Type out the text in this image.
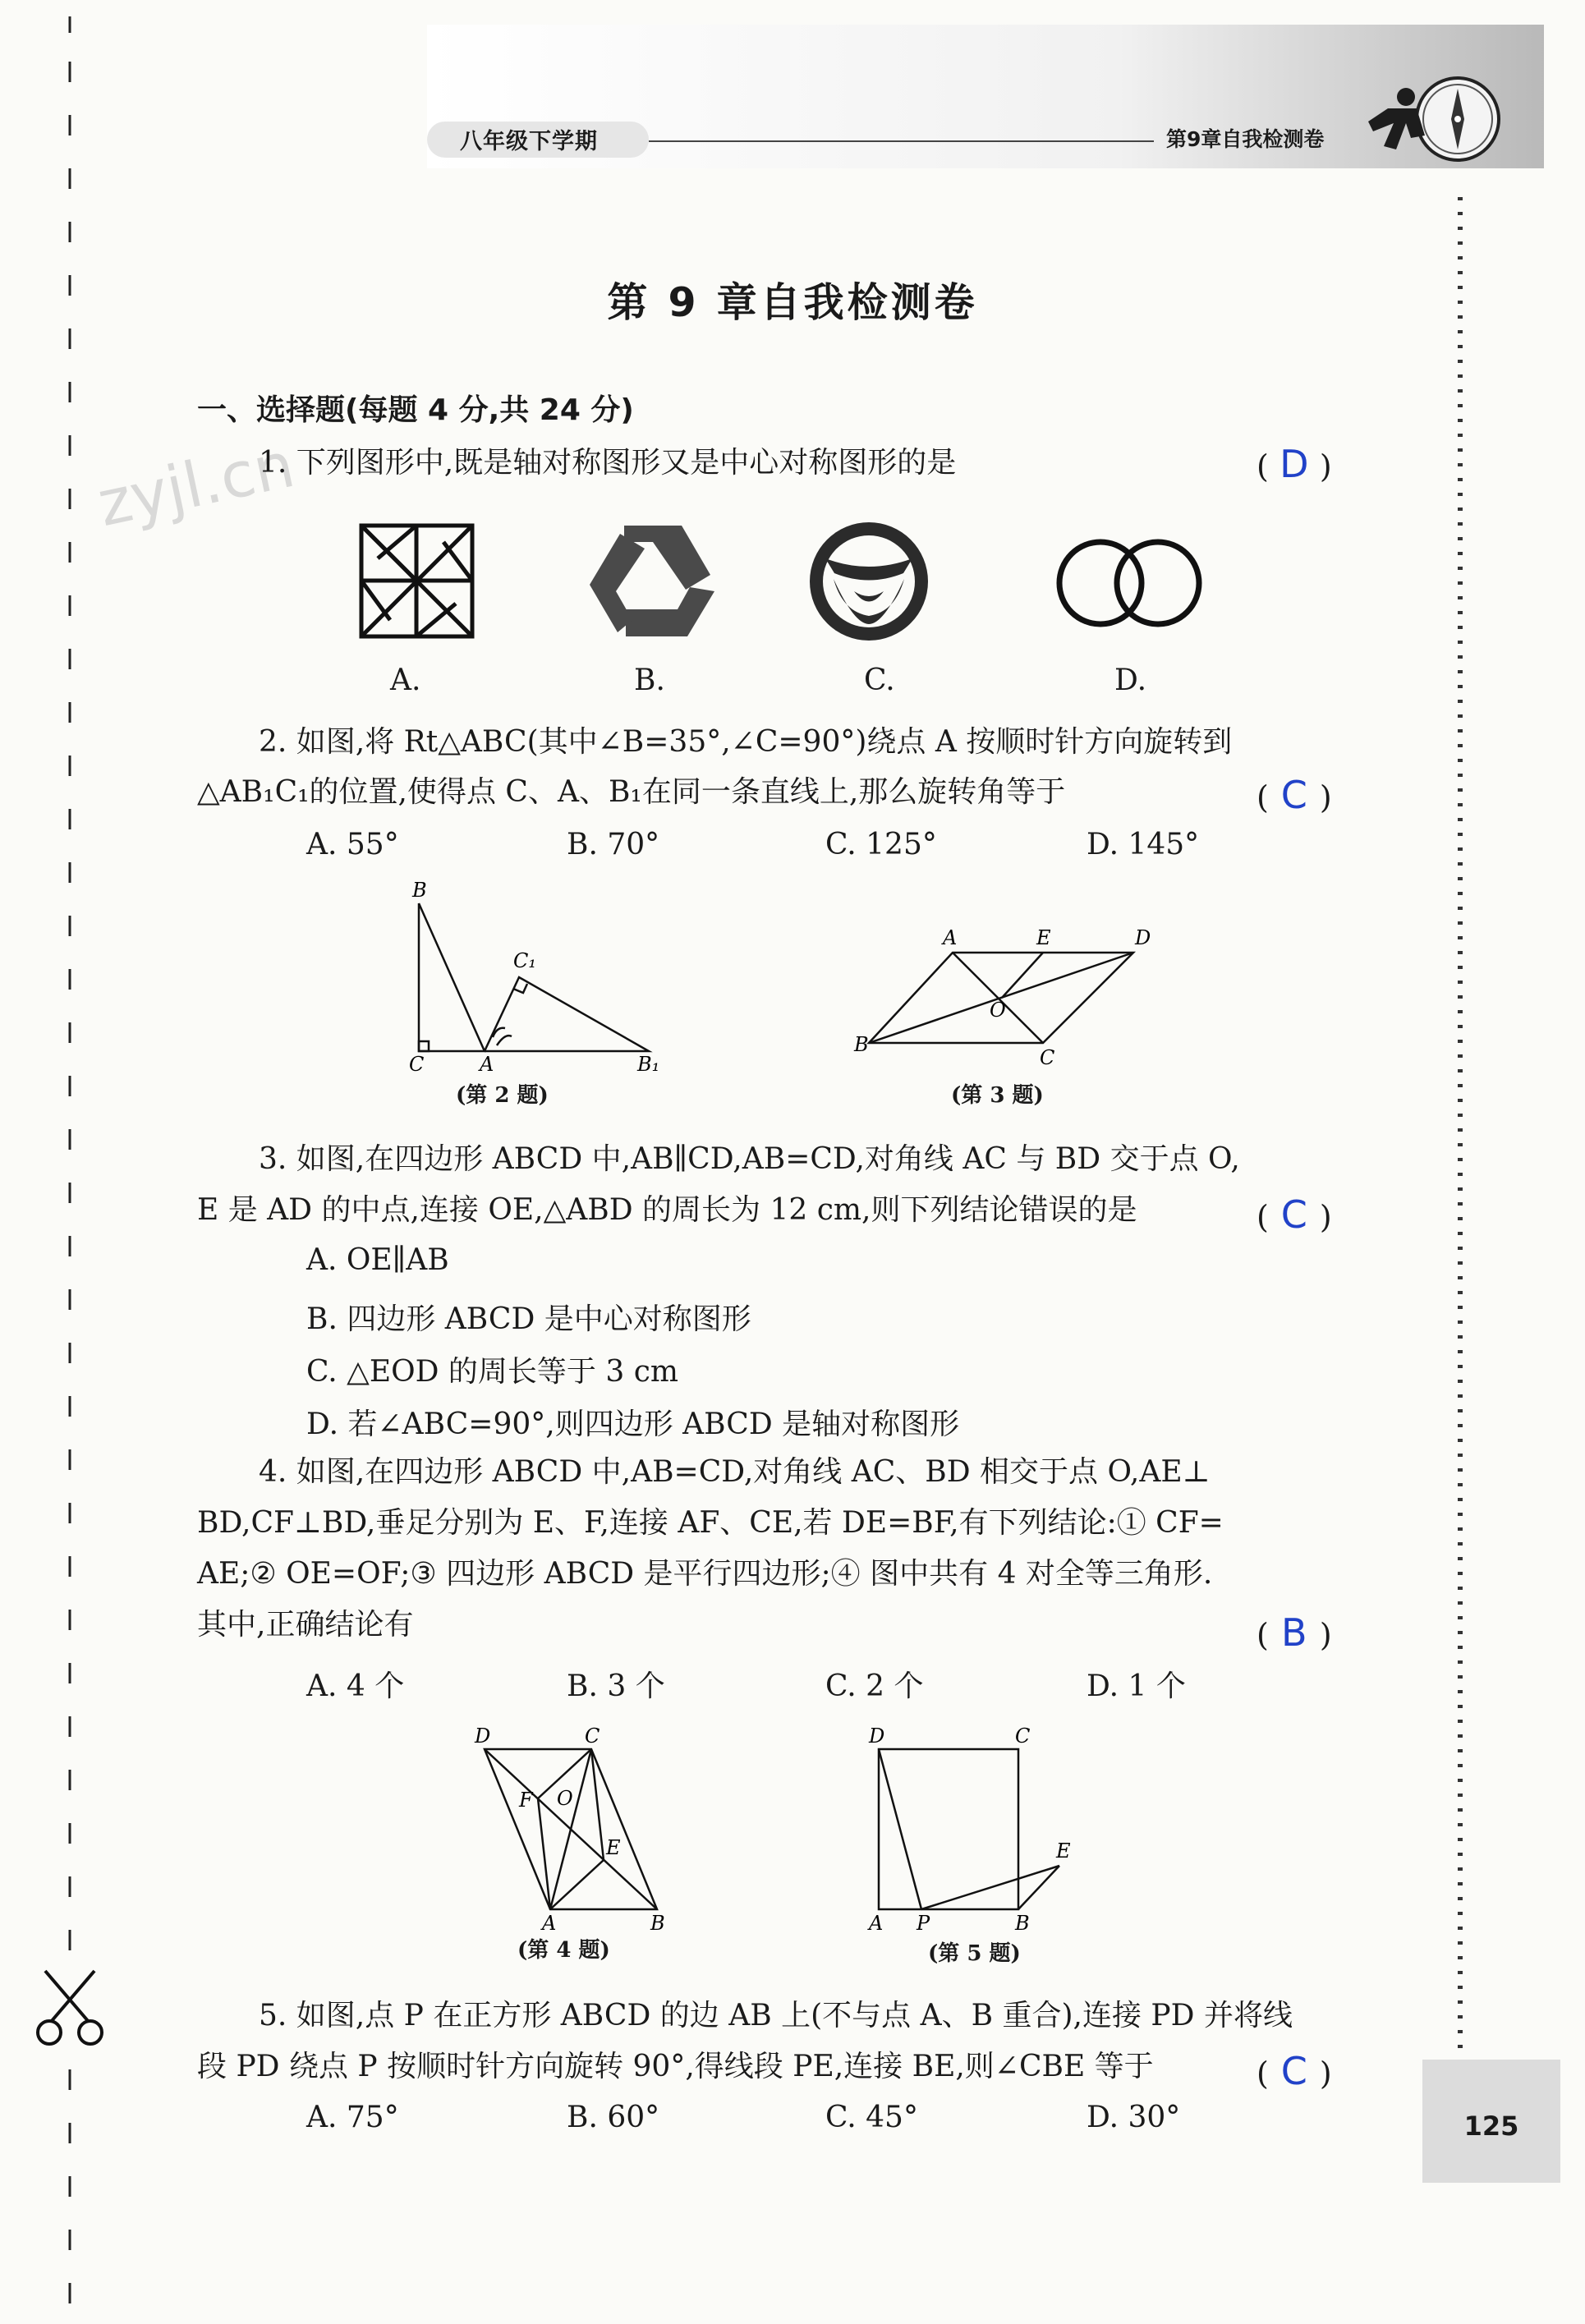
八年级下学期	第9章自我检测卷
125
zyjl.cn
第 9 章自我检测卷
一、选择题(每题 4 分,共 24 分)
1. 下列图形中,既是轴对称图形又是中心对称图形的是	( D )
A.	B.	C.	D.
2. 如图,将 Rt△ABC(其中∠B=35°,∠C=90°)绕点 A 按顺时针方向旋转到
△AB₁C₁的位置,使得点 C、A、B₁在同一条直线上,那么旋转角等于	( C )
A. 55°	B. 70°	C. 125°	D. 145°
B
C₁
C	A	B₁
(第 2 题)
A	E	D
O
B
C
(第 3 题)
3. 如图,在四边形 ABCD 中,AB∥CD,AB=CD,对角线 AC 与 BD 交于点 O,
E 是 AD 的中点,连接 OE,△ABD 的周长为 12 cm,则下列结论错误的是	( C )
A. OE∥AB
B. 四边形 ABCD 是中心对称图形
C. △EOD 的周长等于 3 cm
D. 若∠ABC=90°,则四边形 ABCD 是轴对称图形
4. 如图,在四边形 ABCD 中,AB=CD,对角线 AC、BD 相交于点 O,AE⊥
BD,CF⊥BD,垂足分别为 E、F,连接 AF、CE,若 DE=BF,有下列结论:① CF=
AE;② OE=OF;③ 四边形 ABCD 是平行四边形;④ 图中共有 4 对全等三角形.
其中,正确结论有	( B )
A. 4 个	B. 3 个	C. 2 个	D. 1 个
D	C
F O
E
A	B
(第 4 题)
D	C
E
A P	B
(第 5 题)
5. 如图,点 P 在正方形 ABCD 的边 AB 上(不与点 A、B 重合),连接 PD 并将线
段 PD 绕点 P 按顺时针方向旋转 90°,得线段 PE,连接 BE,则∠CBE 等于	( C )
A. 75°	B. 60°	C. 45°	D. 30°
